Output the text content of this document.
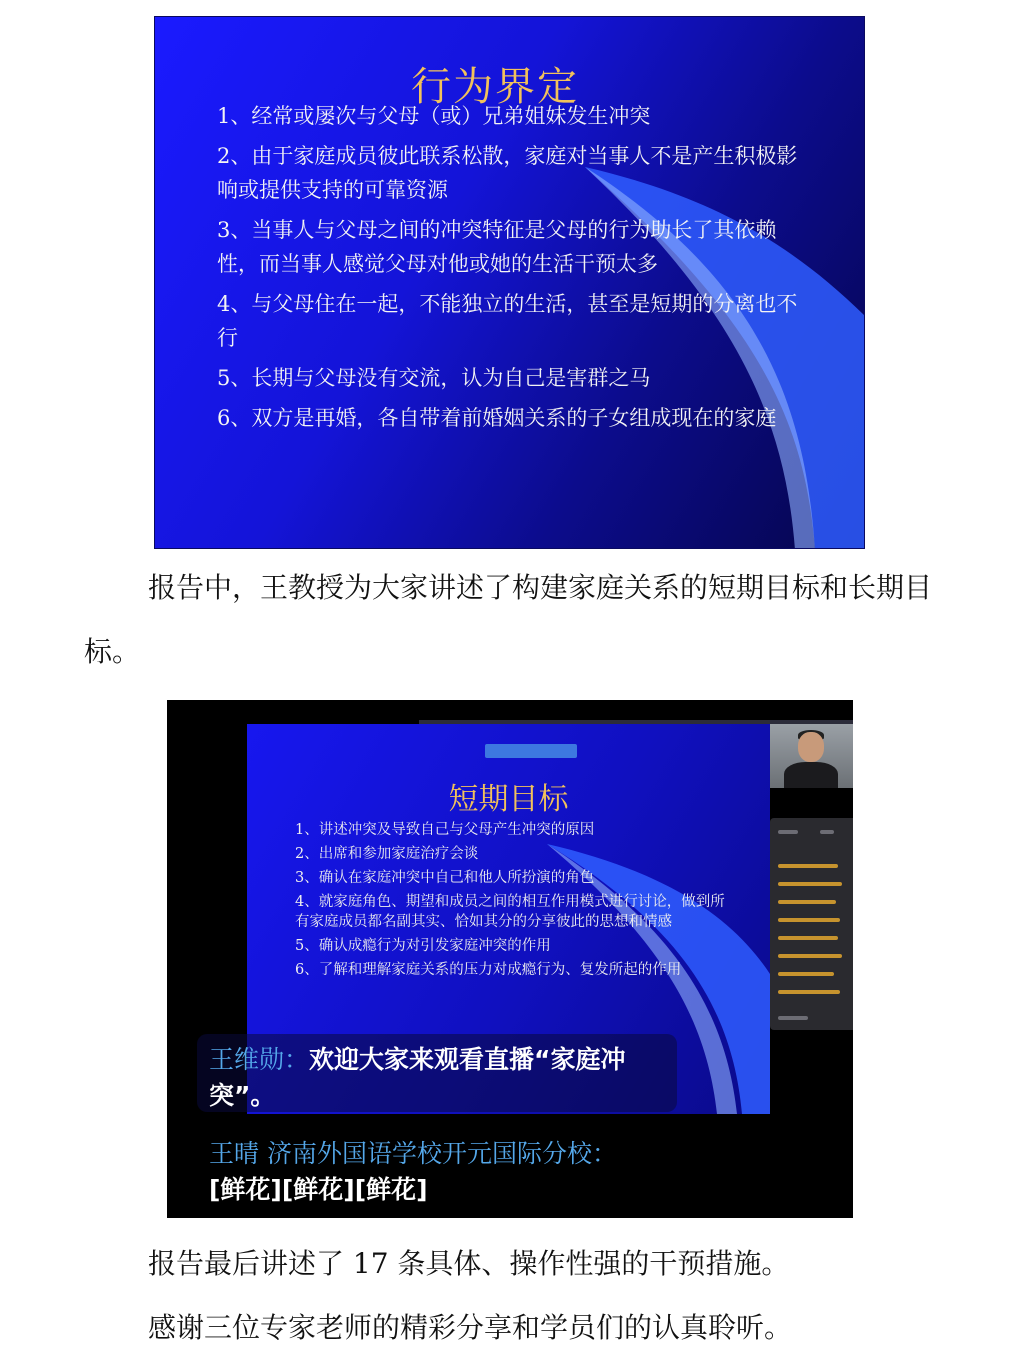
行为界定
1、经常或屡次与父母（或）兄弟姐妹发生冲突
2、由于家庭成员彼此联系松散，家庭对当事人不是产生积极影响或提供支持的可靠资源
3、当事人与父母之间的冲突特征是父母的行为助长了其依赖性，而当事人感觉父母对他或她的生活干预太多
4、与父母住在一起，不能独立的生活，甚至是短期的分离也不行
5、长期与父母没有交流，认为自己是害群之马
6、双方是再婚，各自带着前婚姻关系的子女组成现在的家庭
报告中，王教授为大家讲述了构建家庭关系的短期目标和长期目标。
短期目标
1、讲述冲突及导致自己与父母产生冲突的原因
2、出席和参加家庭治疗会谈
3、确认在家庭冲突中自己和他人所扮演的角色
4、就家庭角色、期望和成员之间的相互作用模式进行讨论，做到所有家庭成员都名副其实、恰如其分的分享彼此的思想和情感
5、确认成瘾行为对引发家庭冲突的作用
6、了解和理解家庭关系的压力对成瘾行为、复发所起的作用
王维勋：欢迎大家来观看直播“家庭冲突”。
王晴 济南外国语学校开元国际分校：
[鲜花][鲜花][鲜花]
报告最后讲述了 17 条具体、操作性强的干预措施。
感谢三位专家老师的精彩分享和学员们的认真聆听。
